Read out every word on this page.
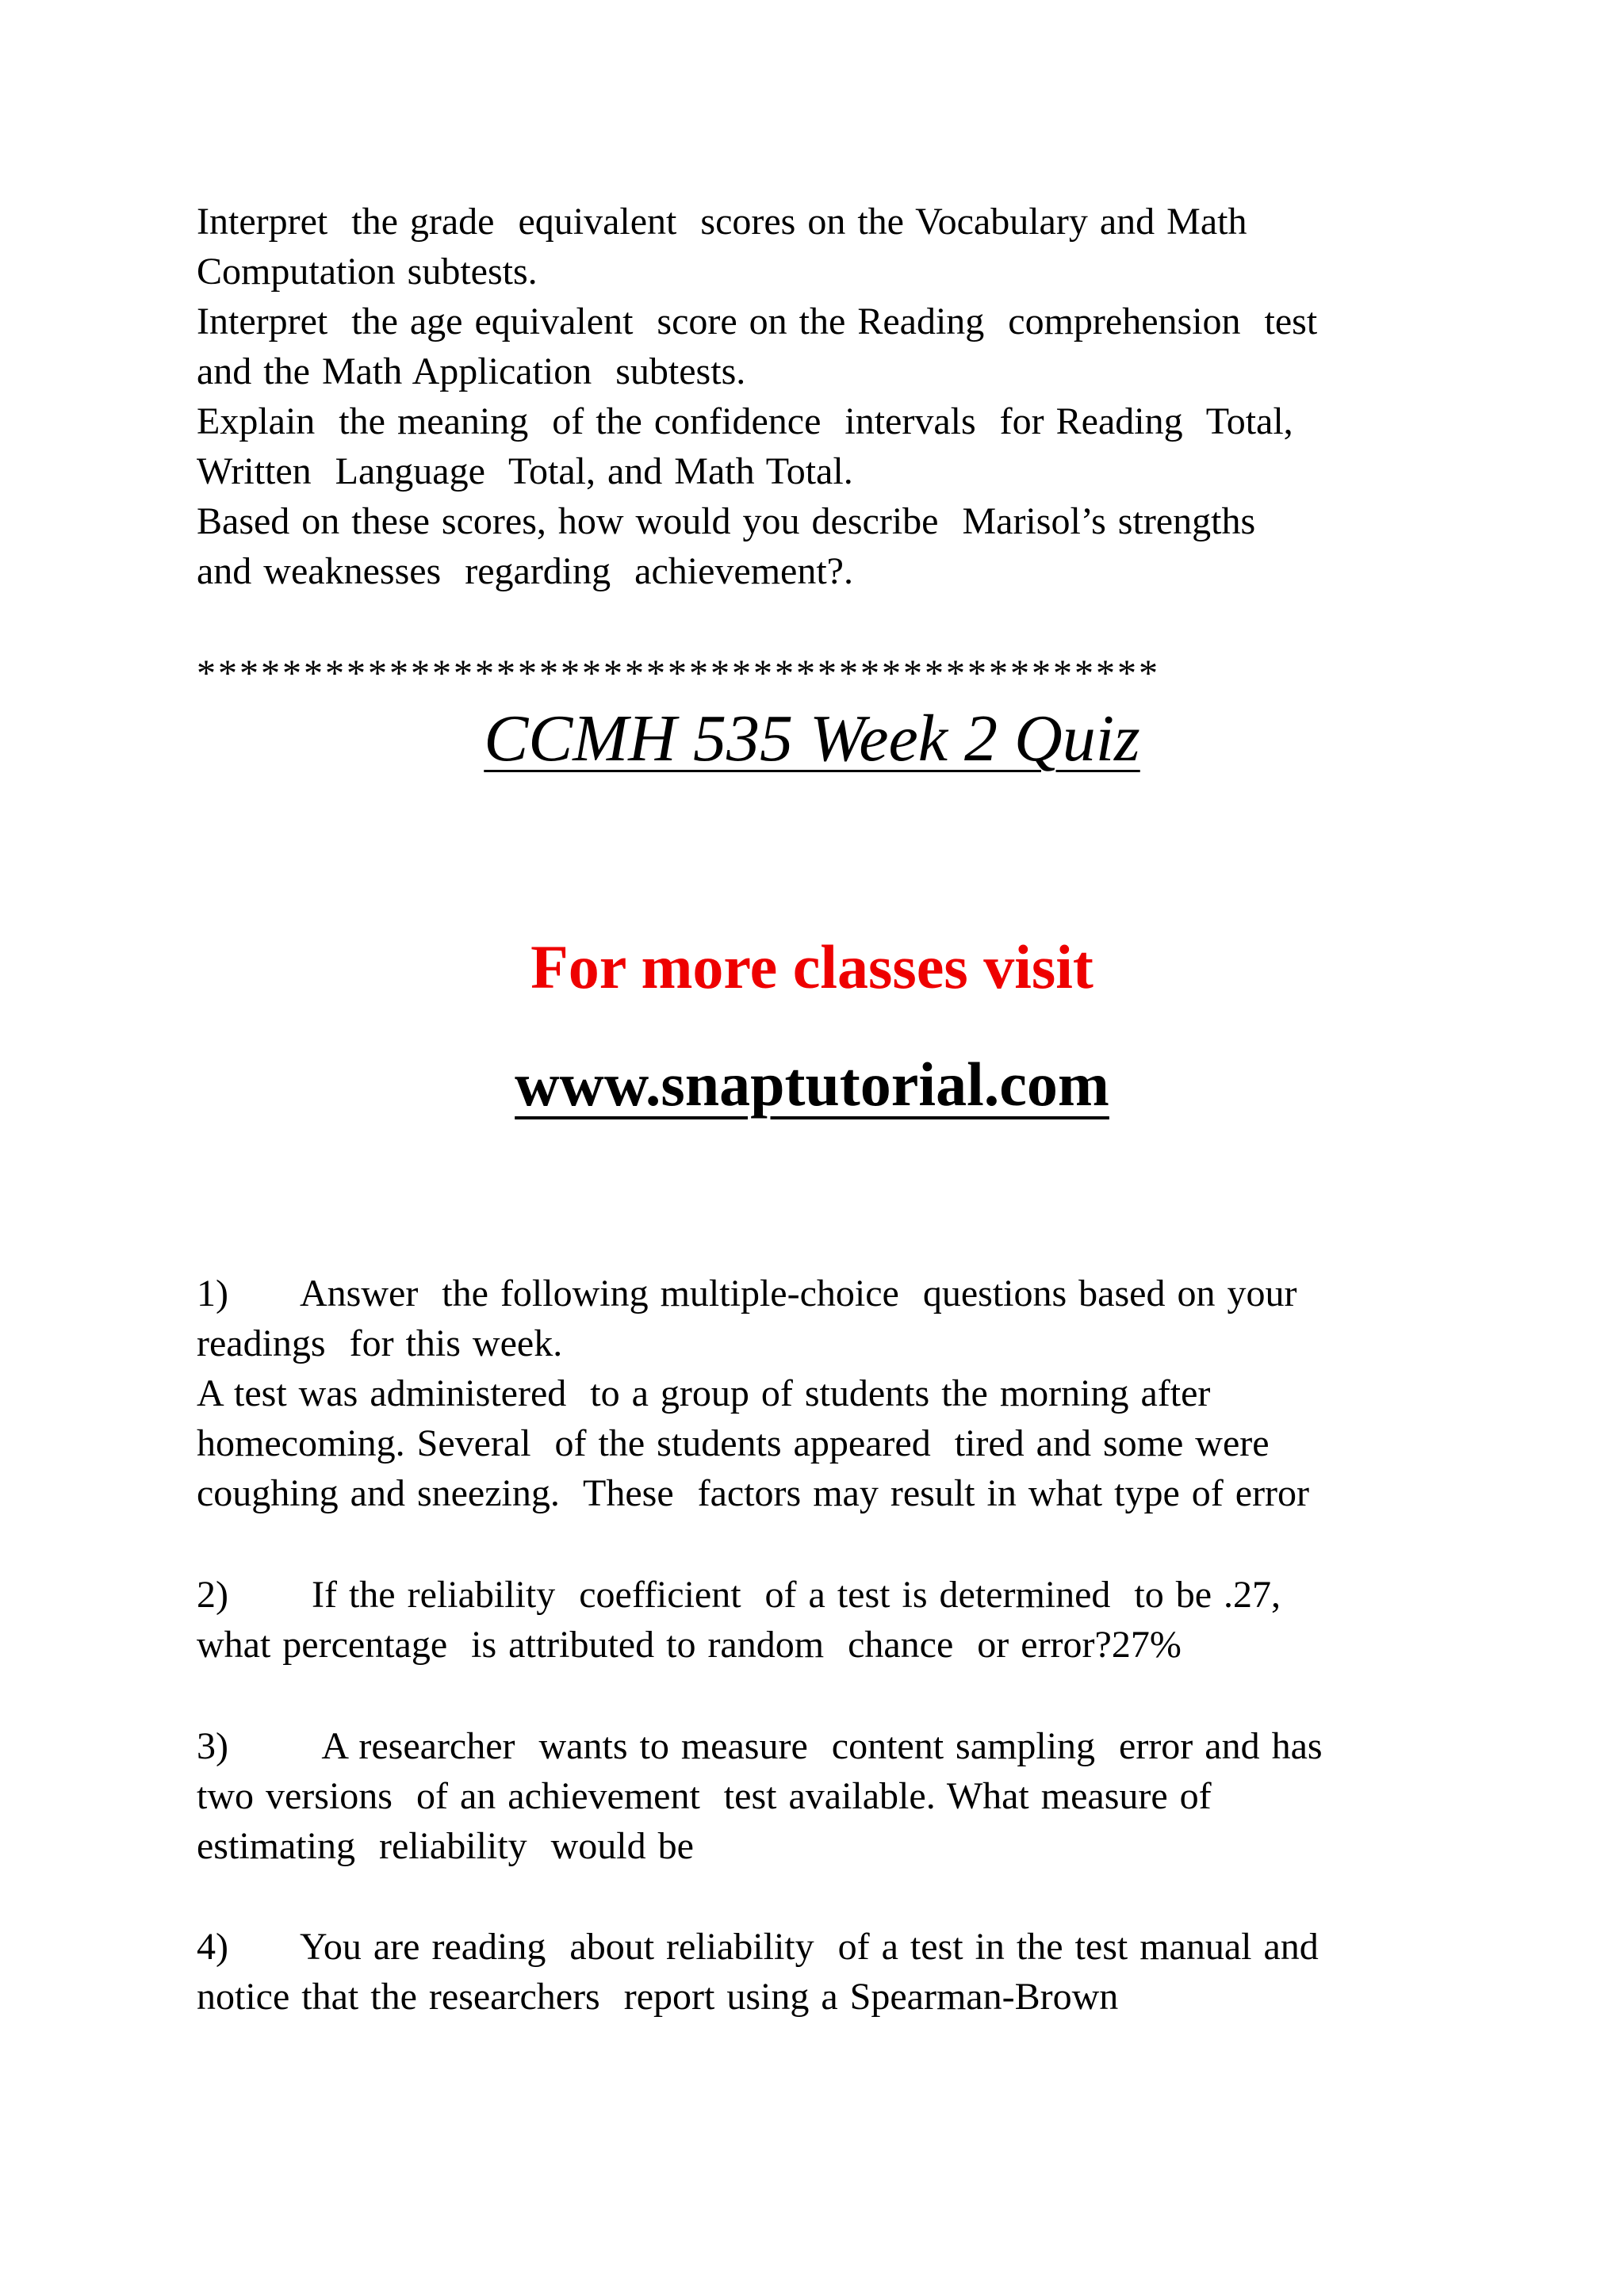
Interpret  the grade  equivalent  scores on the Vocabulary and Math
Computation subtests.
Interpret  the age equivalent  score on the Reading  comprehension  test
and the Math Application  subtests.
Explain  the meaning  of the confidence  intervals  for Reading  Total,
Written  Language  Total, and Math Total.
Based on these scores, how would you describe  Marisol’s strengths
and weaknesses  regarding  achievement?.
*********************************************
CCMH 535 Week 2 Quiz
For more classes visit
www.snaptutorial.com
1) Answer  the following multiple-choice  questions based on your
readings  for this week.
A test was administered  to a group of students the morning after
homecoming. Several  of the students appeared  tired and some were
coughing and sneezing.  These  factors may result in what type of error
2) If the reliability  coefficient  of a test is determined  to be .27,
what percentage  is attributed to random  chance  or error?27%
3)  A researcher  wants to measure  content sampling  error and has
two versions  of an achievement  test available. What measure of
estimating  reliability  would be
4) You are reading  about reliability  of a test in the test manual and
notice that the researchers  report using a Spearman-Brown
